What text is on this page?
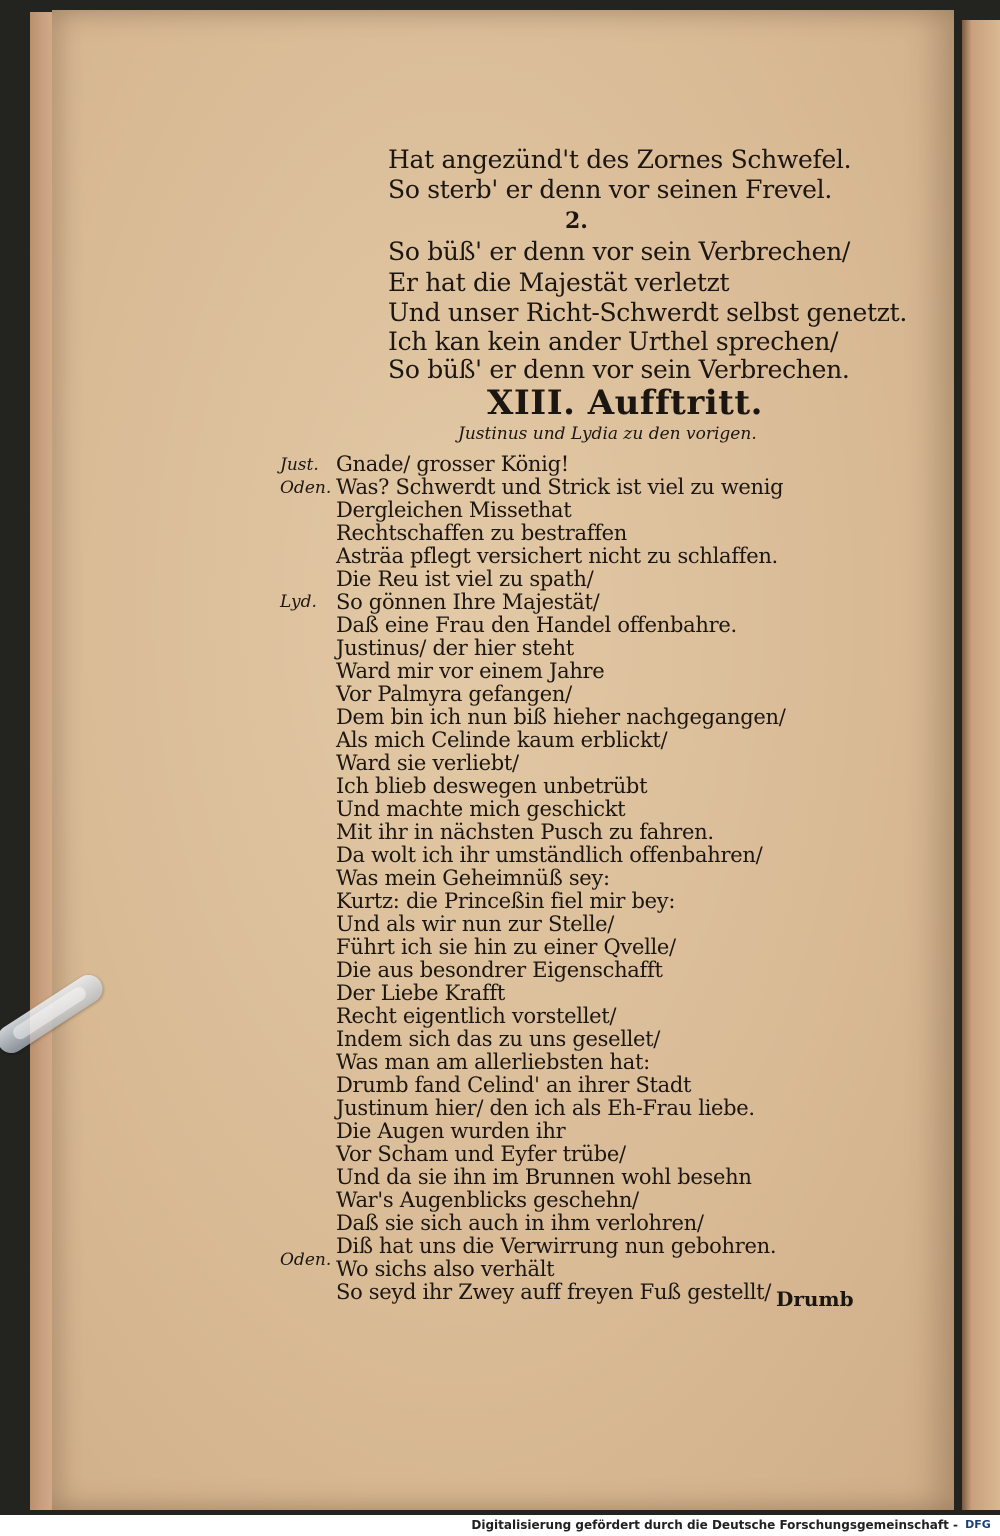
Hat angezünd't des Zornes Schwefel.

So sterb' er denn vor seinen Frevel.

2.

So büß' er denn vor sein Verbrechen/

Er hat die Majestät verletzt

Und unser Richt-Schwerdt selbst genetzt.

Ich kan kein ander Urthel sprechen/

So büß' er denn vor sein Verbrechen.

XIII. Aufftritt.

Justinus und Lydia zu den vorigen.

Just.

Oden.

Lyd.

Oden.

Gnade/ grosser König!

Was? Schwerdt und Strick ist viel zu wenig

Dergleichen Missethat

Rechtschaffen zu bestraffen

Asträa pflegt versichert nicht zu schlaffen.

Die Reu ist viel zu spath/

So gönnen Ihre Majestät/

Daß eine Frau den Handel offenbahre.

Justinus/ der hier steht

Ward mir vor einem Jahre

Vor Palmyra gefangen/

Dem bin ich nun biß hieher nachgegangen/

Als mich Celinde kaum erblickt/

Ward sie verliebt/

Ich blieb deswegen unbetrübt

Und machte mich geschickt

Mit ihr in nächsten Pusch zu fahren.

Da wolt ich ihr umständlich offenbahren/

Was mein Geheimnüß sey:

Kurtz: die Princeßin fiel mir bey:

Und als wir nun zur Stelle/

Führt ich sie hin zu einer Qvelle/

Die aus besondrer Eigenschafft

Der Liebe Krafft

Recht eigentlich vorstellet/

Indem sich das zu uns gesellet/

Was man am allerliebsten hat:

Drumb fand Celind' an ihrer Stadt

Justinum hier/ den ich als Eh-Frau liebe.

Die Augen wurden ihr

Vor Scham und Eyfer trübe/

Und da sie ihn im Brunnen wohl besehn

War's Augenblicks geschehn/

Daß sie sich auch in ihm verlohren/

Diß hat uns die Verwirrung nun gebohren.

Wo sichs also verhält

So seyd ihr Zwey auff freyen Fuß gestellt/ Drumb

Digitalisierung gefördert durch die Deutsche Forschungsgemeinschaft - DFG
